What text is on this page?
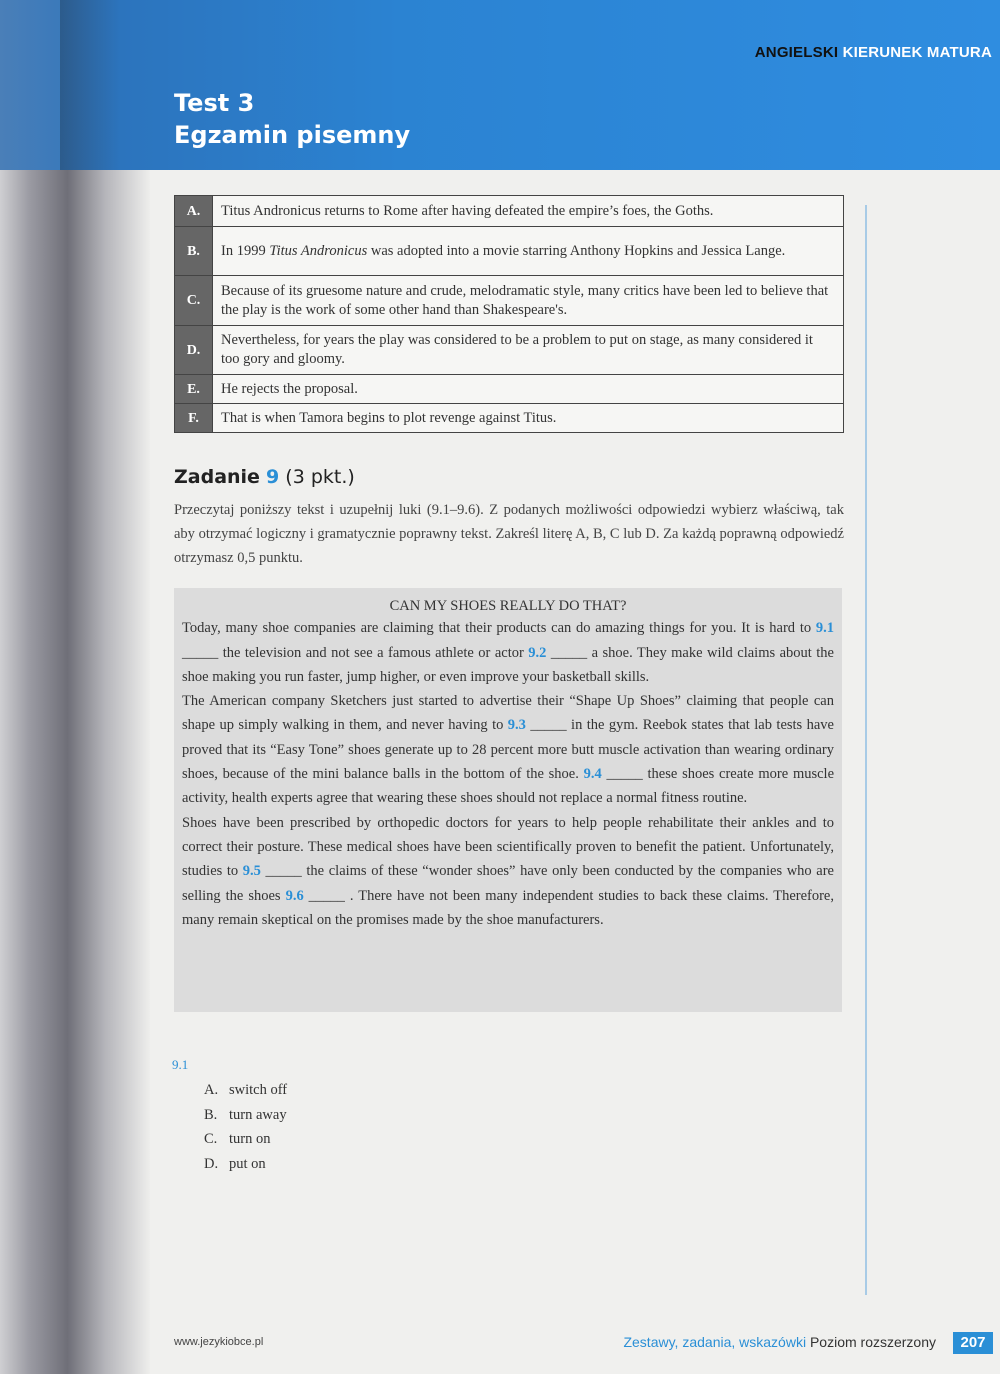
ANGIELSKI KIERUNEK MATURA
Test 3
Egzamin pisemny
A.	Titus Andronicus returns to Rome after having defeated the empire’s foes, the Goths.
B.	In 1999 Titus Andronicus was adopted into a movie starring Anthony Hopkins and Jessica Lange.
C.	Because of its gruesome nature and crude, melodramatic style, many critics have been led to believe that the play is the work of some other hand than Shakespeare's.
D.	Nevertheless, for years the play was considered to be a problem to put on stage, as many considered it too gory and gloomy.
E.	He rejects the proposal.
F.	That is when Tamora begins to plot revenge against Titus.
Zadanie 9 (3 pkt.)
Przeczytaj poniższy tekst i uzupełnij luki (9.1–9.6). Z podanych możliwości odpowiedzi wybierz właściwą, tak aby otrzymać logiczny i gramatycznie poprawny tekst. Zakreśl literę A, B, C lub D. Za każdą poprawną odpowiedź otrzymasz 0,5 punktu.
CAN MY SHOES REALLY DO THAT?

Today, many shoe companies are claiming that their products can do amazing things for you. It is hard to 9.1 _____ the television and not see a famous athlete or actor 9.2 _____ a shoe. They make wild claims about the shoe making you run faster, jump higher, or even improve your basketball skills.

The American company Sketchers just started to advertise their “Shape Up Shoes” claiming that people can shape up simply walking in them, and never having to 9.3 _____ in the gym. Reebok states that lab tests have proved that its “Easy Tone” shoes generate up to 28 percent more butt muscle activation than wearing ordinary shoes, because of the mini balance balls in the bottom of the shoe. 9.4 _____ these shoes create more muscle activity, health experts agree that wearing these shoes should not replace a normal fitness routine.

Shoes have been prescribed by orthopedic doctors for years to help people rehabilitate their ankles and to correct their posture. These medical shoes have been scientifically proven to benefit the patient. Unfortunately, studies to 9.5 _____ the claims of these “wonder shoes” have only been conducted by the companies who are selling the shoes 9.6 _____ . There have not been many independent studies to back these claims. Therefore, many remain skeptical on the promises made by the shoe manufacturers.

9.1
A. switch off
B. turn away
C. turn on
D. put on
www.jezykiobce.pl	Zestawy, zadania, wskazówki Poziom rozszerzony	207
